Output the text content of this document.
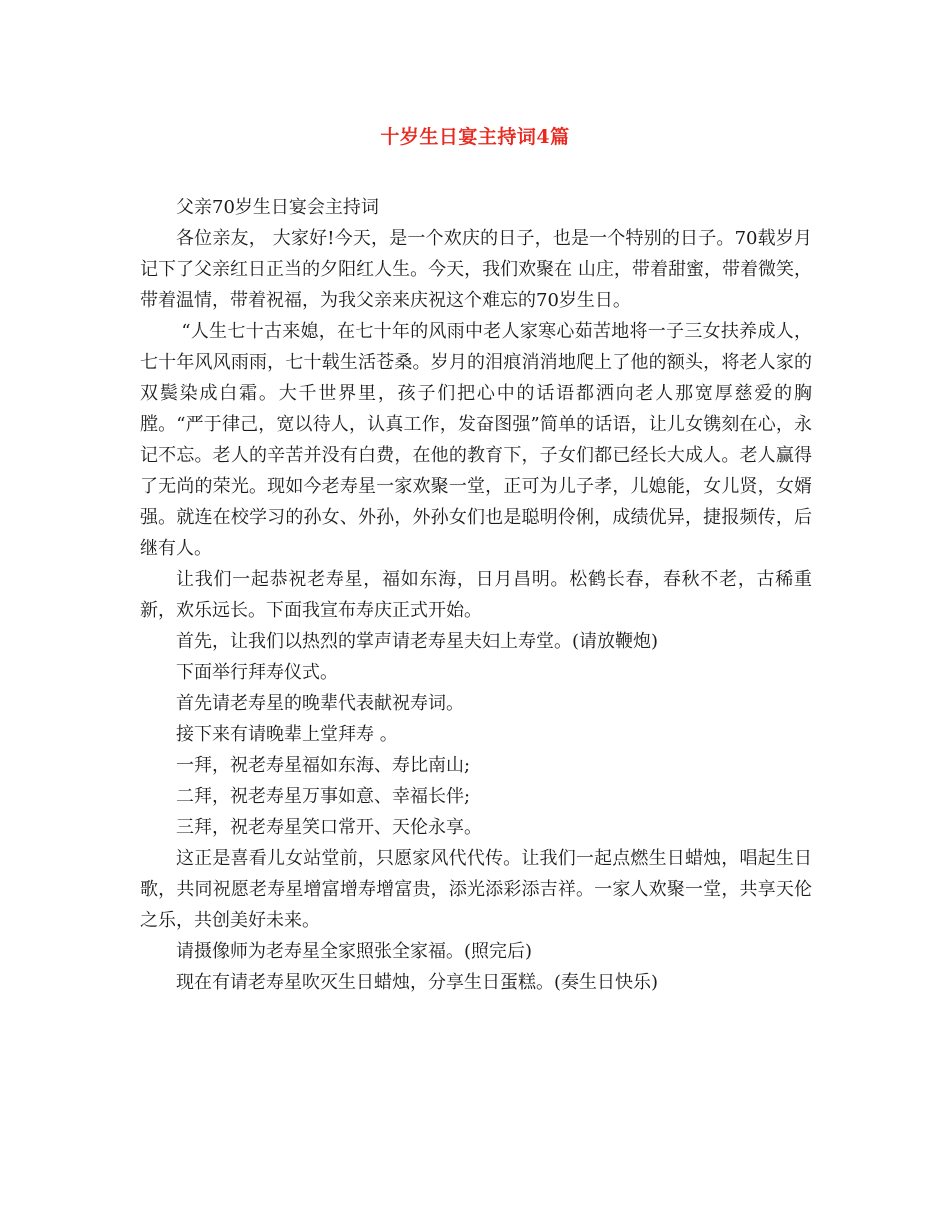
十岁生日宴主持词4篇

父亲70岁生日宴会主持词

各位亲友， 大家好!今天，是一个欢庆的日子，也是一个特别的日子。70载岁月记下了父亲红日正当的夕阳红人生。今天，我们欢聚在 山庄，带着甜蜜，带着微笑，带着温情，带着祝福，为我父亲来庆祝这个难忘的70岁生日。

“人生七十古来媳，在七十年的风雨中老人家寒心茹苦地将一子三女扶养成人，七十年风风雨雨，七十载生活苍桑。岁月的泪痕消消地爬上了他的额头，将老人家的双鬓染成白霜。大千世界里，孩子们把心中的话语都洒向老人那宽厚慈爱的胸膛。“严于律己，宽以待人，认真工作，发奋图强”简单的话语，让儿女镌刻在心，永记不忘。老人的辛苦并没有白费，在他的教育下，子女们都已经长大成人。老人赢得了无尚的荣光。现如今老寿星一家欢聚一堂，正可为儿子孝，儿媳能，女儿贤，女婿强。就连在校学习的孙女、外孙，外孙女们也是聪明伶俐，成绩优异，捷报频传，后继有人。

让我们一起恭祝老寿星，福如东海，日月昌明。松鹤长春，春秋不老，古稀重新，欢乐远长。下面我宣布寿庆正式开始。

首先，让我们以热烈的掌声请老寿星夫妇上寿堂。(请放鞭炮)

下面举行拜寿仪式。

首先请老寿星的晚辈代表献祝寿词。

接下来有请晚辈上堂拜寿 。

一拜，祝老寿星福如东海、寿比南山;

二拜，祝老寿星万事如意、幸福长伴;

三拜，祝老寿星笑口常开、天伦永享。

这正是喜看儿女站堂前，只愿家风代代传。让我们一起点燃生日蜡烛，唱起生日歌，共同祝愿老寿星增富增寿增富贵，添光添彩添吉祥。一家人欢聚一堂，共享天伦之乐，共创美好未来。

请摄像师为老寿星全家照张全家福。(照完后)

现在有请老寿星吹灭生日蜡烛，分享生日蛋糕。(奏生日快乐)
